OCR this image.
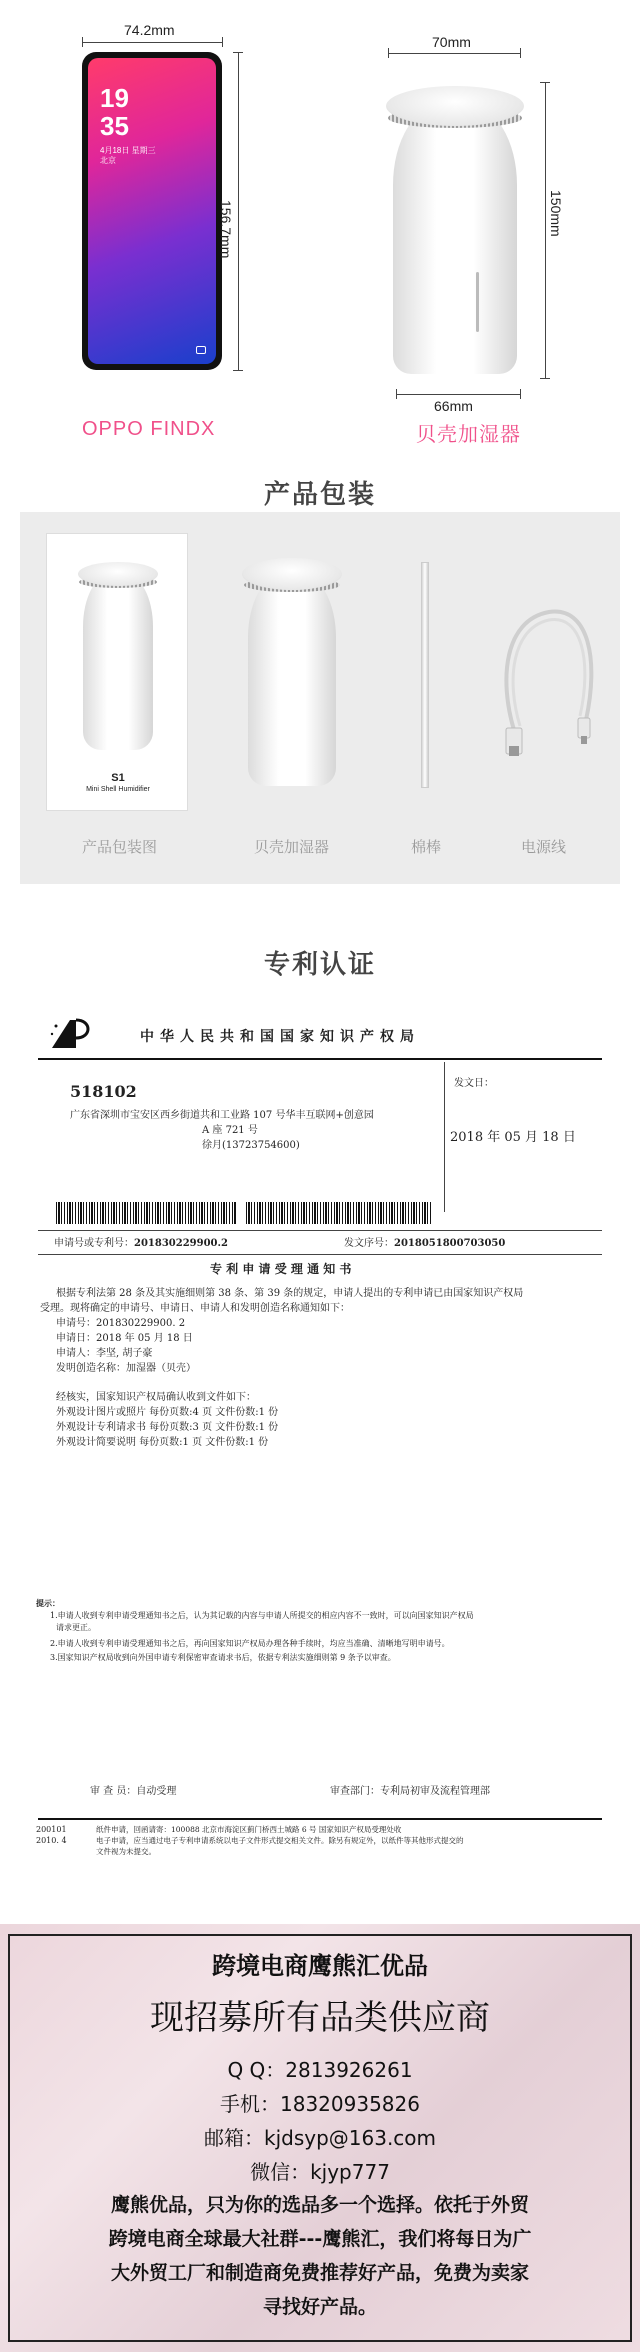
74.2mm
19
35
4月18日 星期三
北京
156.7mm
70mm
150mm
66mm
OPPO FINDX	贝壳加湿器
产品包装
S1
Mini Shell Humidifier
产品包装图	贝壳加湿器	棉棒	电源线
专利认证
中华人民共和国国家知识产权局
518102
广东省深圳市宝安区西乡街道共和工业路 107 号华丰互联网+创意园
A 座 721 号
徐月(13723754600)
发文日：
2018 年 05 月 18 日
申请号或专利号：201830229900.2	发文序号：2018051800703050
专 利 申 请 受 理 通 知 书
根据专利法第 28 条及其实施细则第 38 条、第 39 条的规定，申请人提出的专利申请已由国家知识产权局
受理。现将确定的申请号、申请日、申请人和发明创造名称通知如下：
申请号：201830229900. 2
申请日：2018 年 05 月 18 日
申请人：李坚, 胡子豪
发明创造名称：加湿器（贝壳）
经核实，国家知识产权局确认收到文件如下：
外观设计图片或照片 每份页数:4 页 文件份数:1 份
外观设计专利请求书 每份页数:3 页 文件份数:1 份
外观设计简要说明 每份页数:1 页 文件份数:1 份
提示：
1.申请人收到专利申请受理通知书之后，认为其记载的内容与申请人所提交的相应内容不一致时，可以向国家知识产权局
请求更正。
2.申请人收到专利申请受理通知书之后，再向国家知识产权局办理各种手续时，均应当准确、清晰地写明申请号。
3.国家知识产权局收到向外国申请专利保密审查请求书后，依据专利法实施细则第 9 条予以审查。
审 查 员：自动受理	审查部门：专利局初审及流程管理部
200101
2010. 4
纸件申请，回函请寄：100088 北京市海淀区蓟门桥西土城路 6 号 国家知识产权局受理处收
电子申请，应当通过电子专利申请系统以电子文件形式提交相关文件。除另有规定外，以纸件等其他形式提交的
文件视为未提交。
跨境电商鹰熊汇优品
现招募所有品类供应商
Q Q：2813926261
手机：18320935826
邮箱：kjdsyp@163.com
微信：kjyp777
鹰熊优品，只为你的选品多一个选择。依托于外贸
跨境电商全球最大社群---鹰熊汇，我们将每日为广
大外贸工厂和制造商免费推荐好产品，免费为卖家
寻找好产品。
